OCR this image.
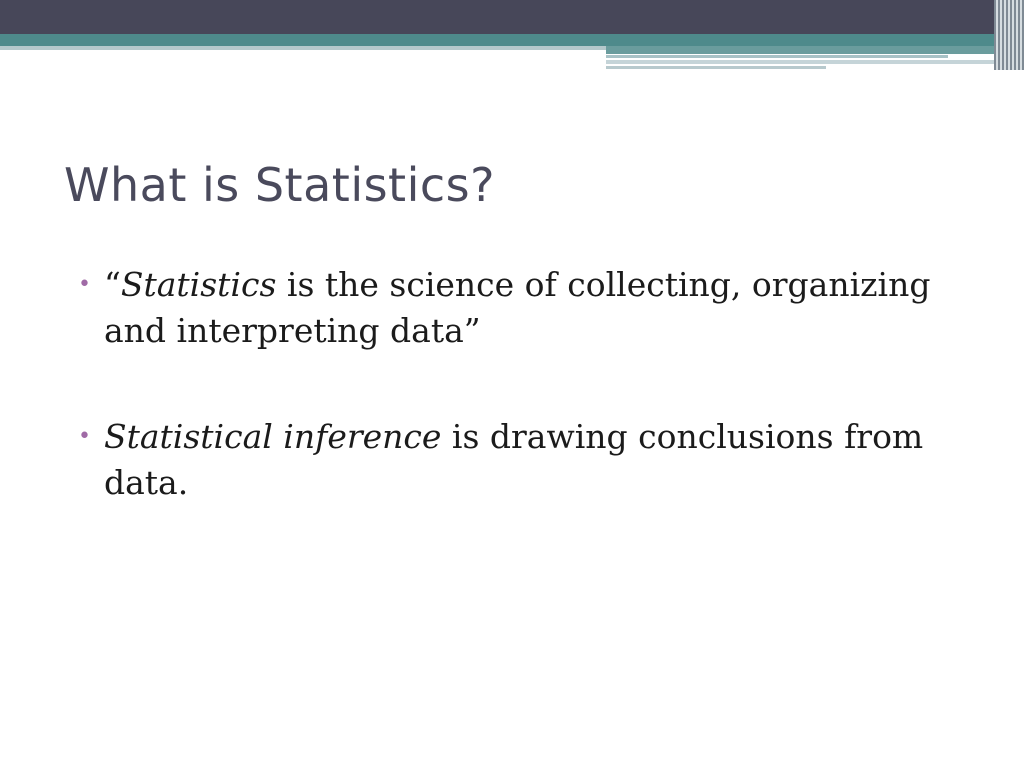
What is Statistics?
• “Statistics is the science of collecting, organizing and interpreting data”
• Statistical inference is drawing conclusions from data.
